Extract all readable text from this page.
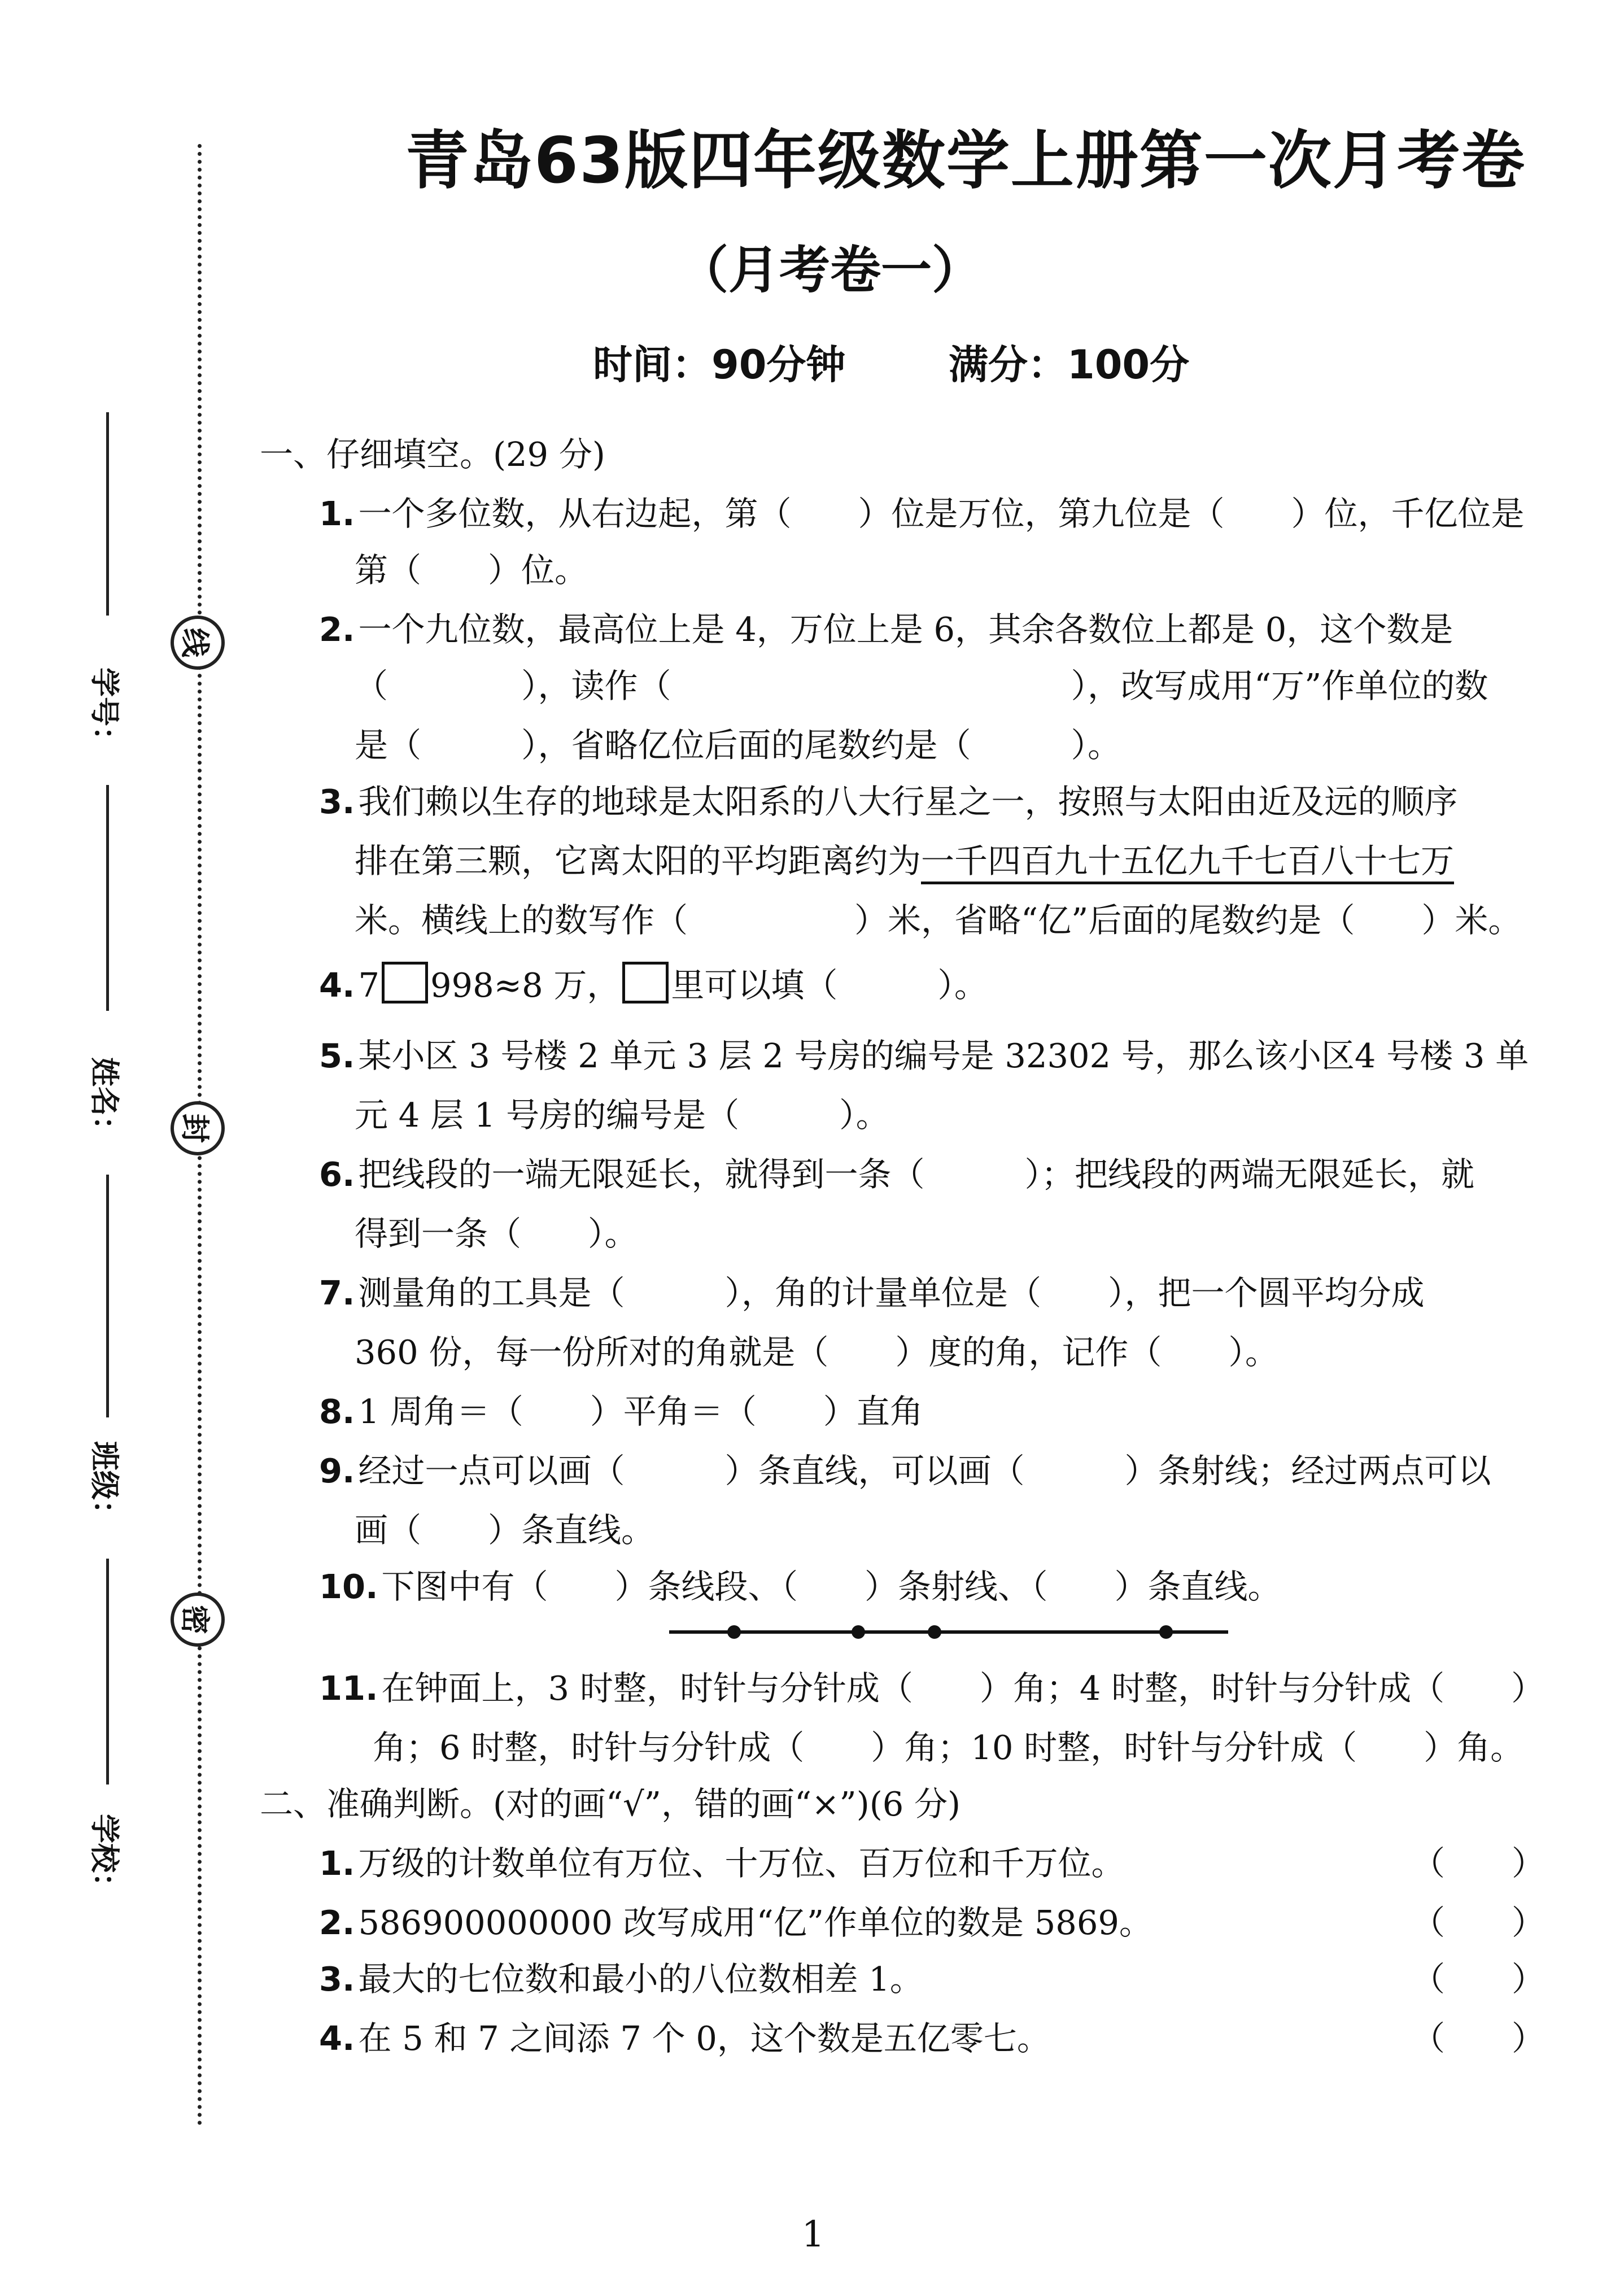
线
封
密
学号：
姓名：
班级：
学校：
青岛63版四年级数学上册第一次月考卷
（月考卷一）
时间：90分钟	满分：100分
一、仔细填空。(29 分)
1. 一个多位数，从右边起，第（　　）位是万位，第九位是（　　）位，千亿位是
第（　　）位。
2. 一个九位数，最高位上是 4，万位上是 6，其余各数位上都是 0，这个数是
（　　　　），读作（　　　　　　　　　　　　），改写成用“万”作单位的数
是（　　　），省略亿位后面的尾数约是（　　　）。
3. 我们赖以生存的地球是太阳系的八大行星之一，按照与太阳由近及远的顺序
排在第三颗，它离太阳的平均距离约为一千四百九十五亿九千七百八十七万
米。横线上的数写作（　　　　　）米，省略“亿”后面的尾数约是（　　）米。
4. 7 998≈8 万， 里可以填（　　　）。
5. 某小区 3 号楼 2 单元 3 层 2 号房的编号是 32302 号，那么该小区4 号楼 3 单
元 4 层 1 号房的编号是（　　　）。
6. 把线段的一端无限延长，就得到一条（　　　）；把线段的两端无限延长，就
得到一条（　　）。
7. 测量角的工具是（　　　），角的计量单位是（　　），把一个圆平均分成
360 份，每一份所对的角就是（　　）度的角，记作（　　）。
8. 1 周角＝（　　）平角＝（　　）直角
9. 经过一点可以画（　　　）条直线，可以画（　　　）条射线；经过两点可以
画（　　）条直线。
10. 下图中有（　　）条线段、（　　）条射线、（　　）条直线。
11. 在钟面上，3 时整，时针与分针成（　　）角；4 时整，时针与分针成（　　）
角；6 时整，时针与分针成（　　）角；10 时整，时针与分针成（　　）角。
二、准确判断。(对的画“√”，错的画“×”)(6 分)
1. 万级的计数单位有万位、十万位、百万位和千万位。	（　　）
2. 586900000000 改写成用“亿”作单位的数是 5869。	（　　）
3. 最大的七位数和最小的八位数相差 1。	（　　）
4. 在 5 和 7 之间添 7 个 0，这个数是五亿零七。	（　　）
1
